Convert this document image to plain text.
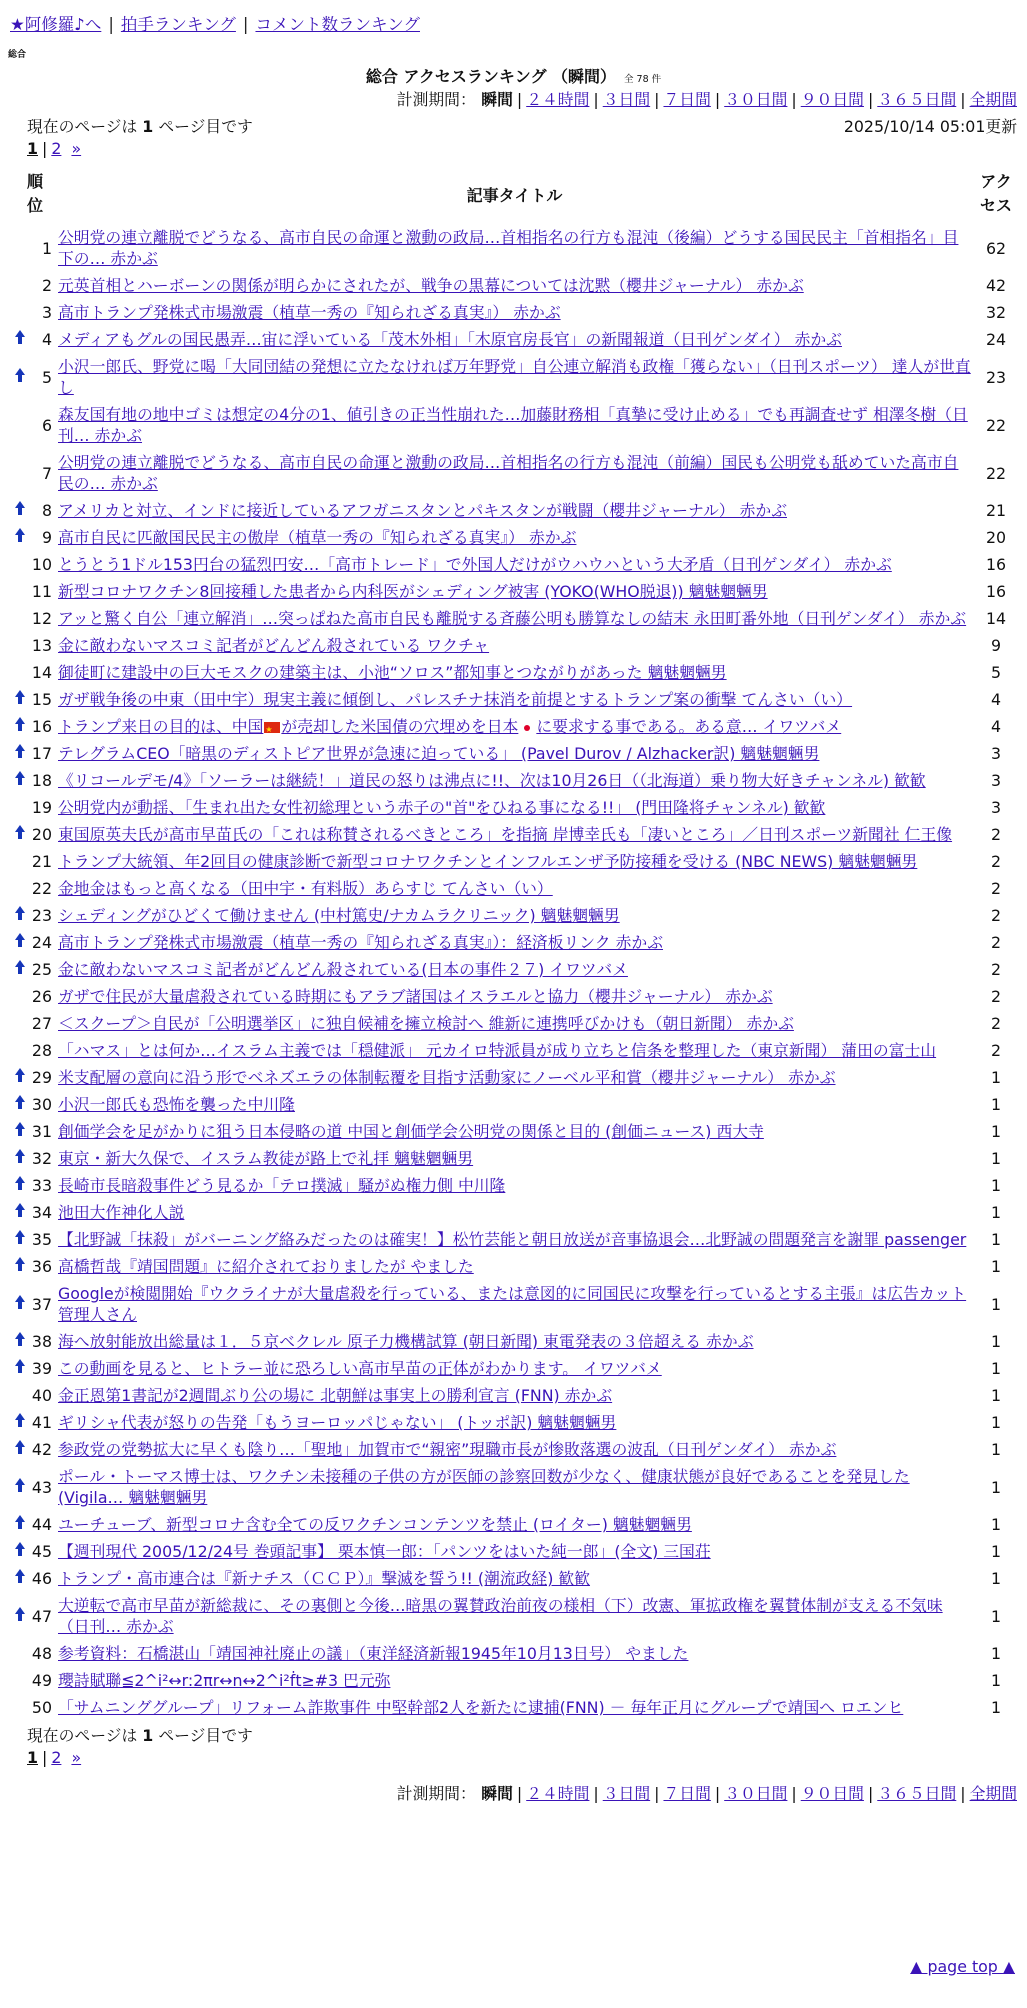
★阿修羅♪へ | 拍手ランキング | コメント数ランキング
総合
総合 アクセスランキング （瞬間） 全 78 件
計測期間： 瞬間 | ２４時間 | ３日間 | ７日間 | ３０日間 | ９０日間 | ３６５日間 | 全期間
現在のページは 1 ページ目です	2025/10/14 05:01更新
1 | 2 »
順位		記事タイトル	アクセス
	1	公明党の連立離脱でどうなる、高市自民の命運と激動の政局…首相指名の行方も混沌（後編）どうする国民民主「首相指名」目下の… 赤かぶ	62
	2	元英首相とハーボーンの関係が明らかにされたが、戦争の黒幕については沈黙（櫻井ジャーナル） 赤かぶ	42
	3	高市トランプ発株式市場激震（植草一秀の『知られざる真実』） 赤かぶ	32
	4	メディアもグルの国民愚弄…宙に浮いている「茂木外相」「木原官房長官」の新聞報道（日刊ゲンダイ） 赤かぶ	24
	5	小沢一郎氏、野党に喝「大同団結の発想に立たなければ万年野党」自公連立解消も政権「獲らない」（日刊スポーツ） 達人が世直し	23
	6	森友国有地の地中ゴミは想定の4分の1、値引きの正当性崩れた…加藤財務相「真摯に受け止める」でも再調査せず 相澤冬樹（日刊… 赤かぶ	22
	7	公明党の連立離脱でどうなる、高市自民の命運と激動の政局…首相指名の行方も混沌（前編）国民も公明党も舐めていた高市自民の… 赤かぶ	22
	8	アメリカと対立、インドに接近しているアフガニスタンとパキスタンが戦闘（櫻井ジャーナル） 赤かぶ	21
	9	高市自民に匹敵国民民主の傲岸（植草一秀の『知られざる真実』） 赤かぶ	20
	10	とうとう1ドル153円台の猛烈円安…「高市トレード」で外国人だけがウハウハという大矛盾（日刊ゲンダイ） 赤かぶ	16
	11	新型コロナワクチン8回接種した患者から内科医がシェディング被害 (YOKO(WHO脱退)) 魑魅魍魎男	16
	12	アッと驚く自公「連立解消」…突っぱねた高市自民も離脱する斉藤公明も勝算なしの結末 永田町番外地（日刊ゲンダイ） 赤かぶ	14
	13	金に敵わないマスコミ記者がどんどん殺されている ワクチャ	9
	14	御徒町に建設中の巨大モスクの建築主は、小池“ソロス”都知事とつながりがあった 魑魅魍魎男	5
	15	ガザ戦争後の中東（田中宇）現実主義に傾倒し、パレスチナ抹消を前提とするトランプ案の衝撃 てんさい（い）	4
	16	トランプ来日の目的は、中国 ★ が売却した米国債の穴埋めを日本 に要求する事である。ある意… イワツバメ	4
	17	テレグラムCEO「暗黒のディストピア世界が急速に迫っている」 (Pavel Durov / Alzhacker訳) 魑魅魍魎男	3
	18	《リコールデモ/4》「ソーラーは継続！」道民の怒りは沸点に!!、次は10月26日（（北海道）乗り物大好きチャンネル) 歓歓	3
	19	公明党内が動揺、「生まれ出た女性初総理という赤子の"首"をひねる事になる!!」 (門田隆将チャンネル) 歓歓	3
	20	東国原英夫氏が高市早苗氏の「これは称賛されるべきところ」を指摘 岸博幸氏も「凄いところ」／日刊スポーツ新聞社 仁王像	2
	21	トランプ大統領、年2回目の健康診断で新型コロナワクチンとインフルエンザ予防接種を受ける (NBC NEWS) 魑魅魍魎男	2
	22	金地金はもっと高くなる（田中宇・有料版）あらすじ てんさい（い）	2
	23	シェディングがひどくて働けません (中村篤史/ナカムラクリニック) 魑魅魍魎男	2
	24	高市トランプ発株式市場激震（植草一秀の『知られざる真実』）：経済板リンク 赤かぶ	2
	25	金に敵わないマスコミ記者がどんどん殺されている(日本の事件２７) イワツバメ	2
	26	ガザで住民が大量虐殺されている時期にもアラブ諸国はイスラエルと協力（櫻井ジャーナル） 赤かぶ	2
	27	＜スクープ＞自民が「公明選挙区」に独自候補を擁立検討へ 維新に連携呼びかけも（朝日新聞） 赤かぶ	2
	28	「ハマス」とは何か…イスラム主義では「穏健派」 元カイロ特派員が成り立ちと信条を整理した（東京新聞） 蒲田の富士山	2
	29	米支配層の意向に沿う形でベネズエラの体制転覆を目指す活動家にノーベル平和賞（櫻井ジャーナル） 赤かぶ	1
	30	小沢一郎氏も恐怖を襲った中川隆	1
	31	創価学会を足がかりに狙う日本侵略の道 中国と創価学会公明党の関係と目的 (創価ニュース) 西大寺	1
	32	東京・新大久保で、イスラム教徒が路上で礼拝 魑魅魍魎男	1
	33	長崎市長暗殺事件どう見るか「テロ撲滅」騒がぬ権力側 中川隆	1
	34	池田大作神化人説	1
	35	【北野誠「抹殺」がバーニング絡みだったのは確実！】松竹芸能と朝日放送が音事協退会…北野誠の問題発言を謝罪 passenger	1
	36	高橋哲哉『靖国問題』に紹介されておりましたが やました	1
	37	Googleが検閲開始『ウクライナが大量虐殺を行っている、または意図的に同国民に攻撃を行っているとする主張』は広告カット 管理人さん	1
	38	海へ放射能放出総量は１．５京ベクレル 原子力機構試算 (朝日新聞) 東電発表の３倍超える 赤かぶ	1
	39	この動画を見ると、ヒトラー並に恐ろしい高市早苗の正体がわかります。 イワツバメ	1
	40	金正恩第1書記が2週間ぶり公の場に 北朝鮮は事実上の勝利宣言 (FNN) 赤かぶ	1
	41	ギリシャ代表が怒りの告発「もうヨーロッパじゃない」 (トッポ訳) 魑魅魍魎男	1
	42	参政党の党勢拡大に早くも陰り…「聖地」加賀市で“親密”現職市長が惨敗落選の波乱（日刊ゲンダイ） 赤かぶ	1
	43	ポール・トーマス博士は、ワクチン未接種の子供の方が医師の診察回数が少なく、健康状態が良好であることを発見した (Vigila… 魑魅魍魎男	1
	44	ユーチューブ、新型コロナ含む全ての反ワクチンコンテンツを禁止 (ロイター) 魑魅魍魎男	1
	45	【週刊現代 2005/12/24号 巻頭記事】 栗本慎一郎：「パンツをはいた純一郎」(全文) 三国荘	1
	46	トランプ・高市連合は『新ナチス（ＣＣＰ）』撃滅を誓う!! (潮流政経) 歓歓	1
	47	大逆転で高市早苗が新総裁に、その裏側と今後…暗黒の翼賛政治前夜の様相（下）改憲、軍拡政権を翼賛体制が支える不気味（日刊… 赤かぶ	1
	48	参考資料：石橋湛山「靖国神社廃止の議」（東洋経済新報1945年10月13日号） やました	1
	49	瓔詩賦聯≦2^i²↔r:2πr↔n↔2^i²ḟt≥#3 巴元弥	1
	50	「サムニンググループ」リフォーム詐欺事件 中堅幹部2人を新たに逮捕(FNN) － 毎年正月にグループで靖国へ ロエンヒ	1
現在のページは 1 ページ目です
1 | 2 »
計測期間： 瞬間 | ２４時間 | ３日間 | ７日間 | ３０日間 | ９０日間 | ３６５日間 | 全期間
▲ page top ▲
